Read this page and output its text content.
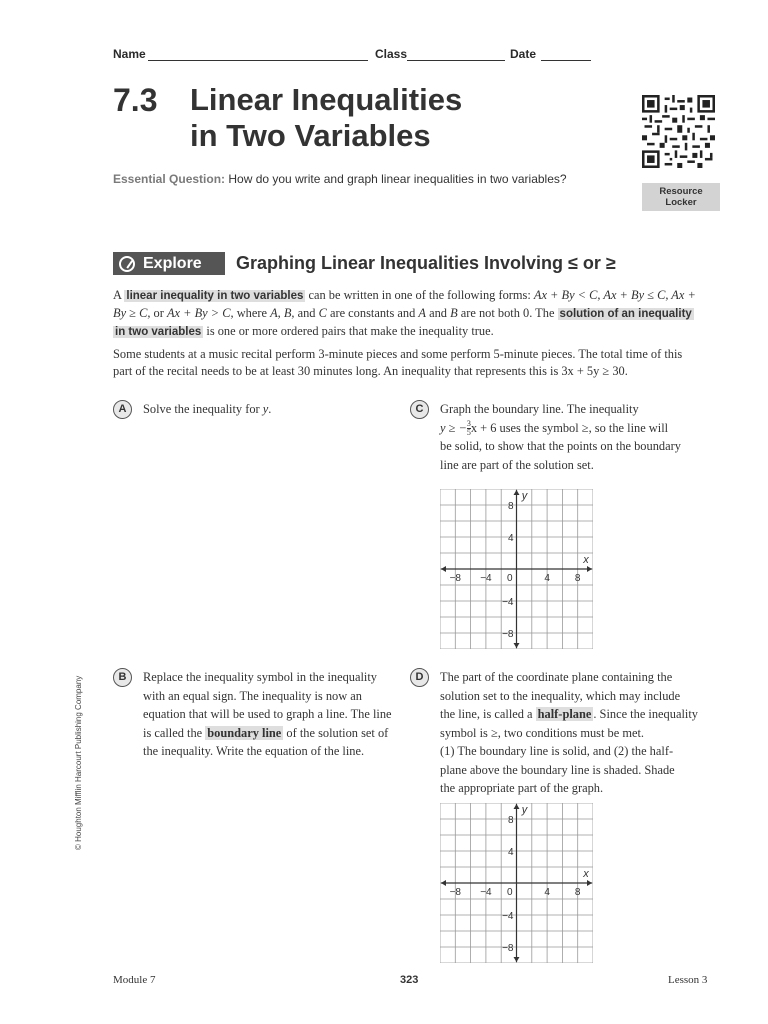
Name	Class	Date
7.3 Linear Inequalities
in Two Variables
Essential Question: How do you write and graph linear inequalities in two variables?
Resource
Locker
Explore Graphing Linear Inequalities Involving ≤ or ≥
A linear inequality in two variables can be written in one of the following forms: Ax + By < C, Ax + By ≤ C, Ax + By ≥ C, or Ax + By > C, where A, B, and C are constants and A and B are not both 0. The solution of an inequality
in two variables is one or more ordered pairs that make the inequality true.
Some students at a music recital perform 3-minute pieces and some perform 5-minute pieces. The total time of this
part of the recital needs to be at least 30 minutes long. An inequality that represents this is 3x + 5y ≥ 30.
A	Solve the inequality for y.	C	Graph the boundary line. The inequality
y ≥ − $\frac{3}{5}$ x + 6 uses the symbol ≥, so the line will
be solid, to show that the points on the boundary
line are part of the solution set.
B	Replace the inequality symbol in the inequality
with an equal sign. The inequality is now an
equation that will be used to graph a line. The line
is called the boundary line of the solution set of
the inequality. Write the equation of the line.
D	The part of the coordinate plane containing the
solution set to the inequality, which may include
the line, is called a half-plane . Since the inequality
symbol is ≥, two conditions must be met.
(1) The boundary line is solid, and (2) the half-
plane above the boundary line is shaded. Shade
the appropriate part of the graph.
−8 −4 0	4	8
8
4
−4
−8
x
y
−8 −4 0	4	8
8
4
−4
−8
x
y
© Houghton Mifflin Harcourt Publishing Company
Module 7	323	Lesson 3
